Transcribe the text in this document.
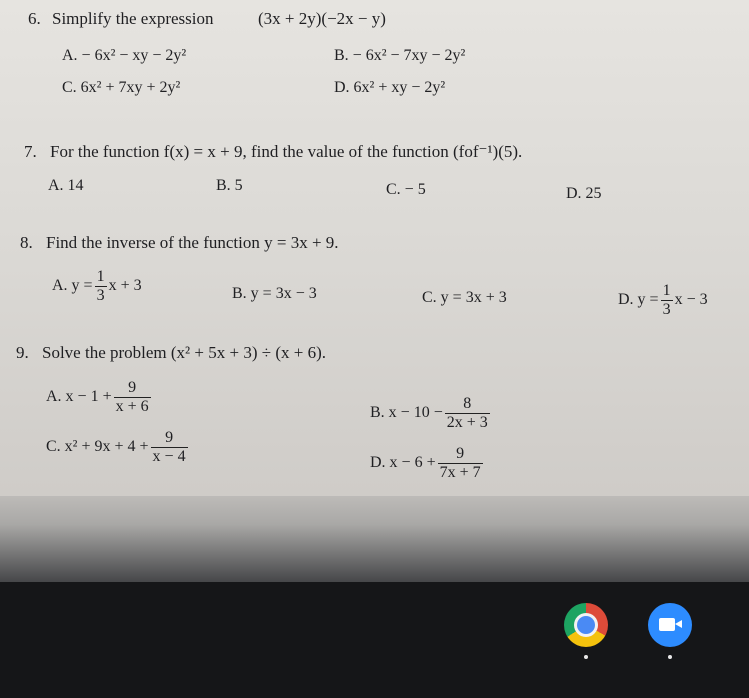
6. Simplify the expression	(3x + 2y)(−2x − y)
A. − 6x² − xy − 2y²	B. − 6x² − 7xy − 2y²
C. 6x² + 7xy + 2y²	D. 6x² + xy − 2y²
7. For the function f(x) = x + 9, find the value of the function (fof⁻¹)(5).
A. 14	B. 5	C. − 5	D. 25
8. Find the inverse of the function y = 3x + 9.
A. $y = \frac{1}{3}$ x + 3	B. y = 3x − 3	C. y = 3x + 3	D. $y = \frac{1}{3}$ x − 3
9. Solve the problem (x² + 5x + 3) ÷ (x + 6).
A. $x - 1 + \frac{9}{x + 6}$	B. $x - 10 - \frac{8}{2x + 3}$
C. $x^2 + 9x + 4 + \frac{9}{x - 4}$	D. $x - 6 + \frac{9}{7x + 7}$
